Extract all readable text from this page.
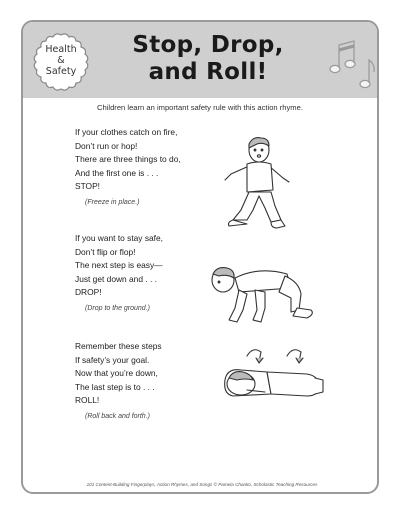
Health
&
Safety
Stop, Drop,
and Roll!
Children learn an important safety rule with this action rhyme.
If your clothes catch on fire,
Don’t run or hop!
There are three things to do,
And the first one is . . .
STOP!
(Freeze in place.)
If you want to stay safe,
Don’t flip or flop!
The next step is easy—
Just get down and . . .
DROP!
(Drop to the ground.)
Remember these steps
If safety’s your goal.
Now that you’re down,
The last step is to . . .
ROLL!
(Roll back and forth.)
101 Content-Building Fingerplays, Action Rhymes, and Songs © Pamela Chanko, Scholastic Teaching Resources
